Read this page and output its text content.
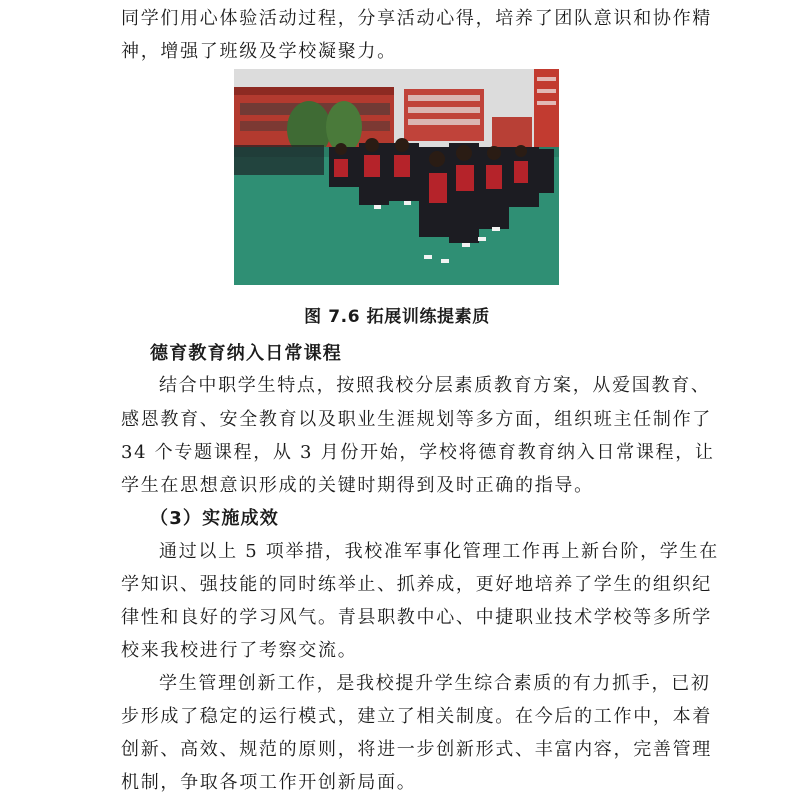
同学们用心体验活动过程，分享活动心得，培养了团队意识和协作精
神，增强了班级及学校凝聚力。
图 7.6 拓展训练提素质
德育教育纳入日常课程
结合中职学生特点，按照我校分层素质教育方案，从爱国教育、
感恩教育、安全教育以及职业生涯规划等多方面，组织班主任制作了
34 个专题课程，从 3 月份开始，学校将德育教育纳入日常课程，让
学生在思想意识形成的关键时期得到及时正确的指导。
（3）实施成效
通过以上 5 项举措，我校准军事化管理工作再上新台阶，学生在
学知识、强技能的同时练举止、抓养成，更好地培养了学生的组织纪
律性和良好的学习风气。青县职教中心、中捷职业技术学校等多所学
校来我校进行了考察交流。
学生管理创新工作，是我校提升学生综合素质的有力抓手，已初
步形成了稳定的运行模式，建立了相关制度。在今后的工作中，本着
创新、高效、规范的原则，将进一步创新形式、丰富内容，完善管理
机制，争取各项工作开创新局面。
